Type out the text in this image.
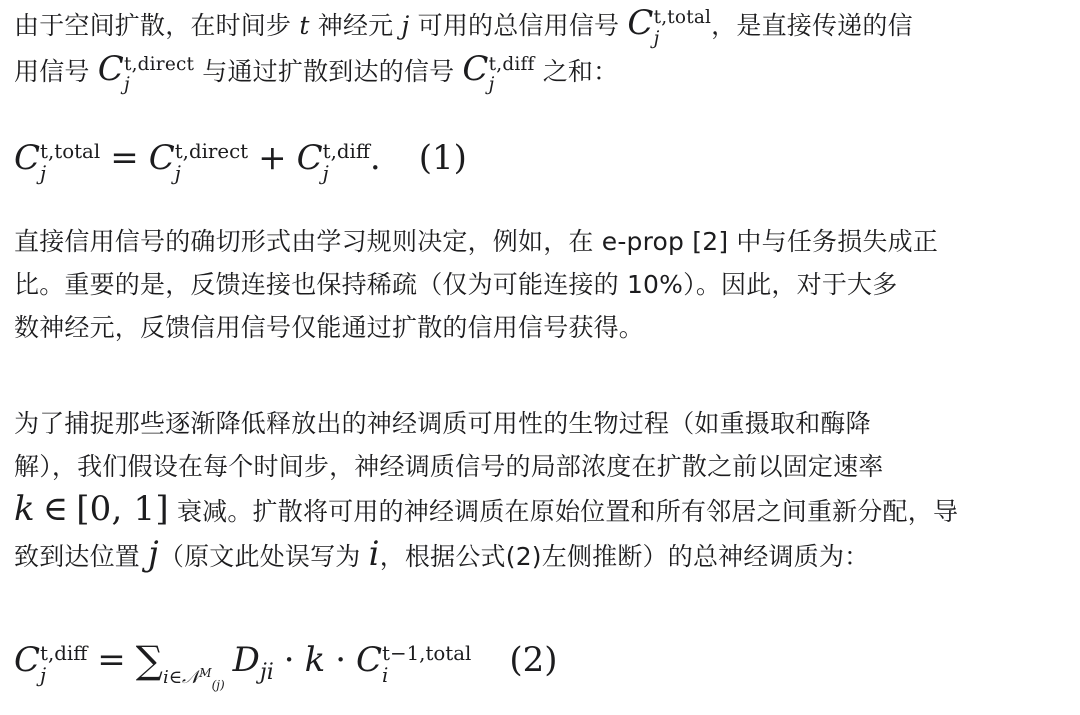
由于空间扩散，在时间步 t 神经元 j 可用的总信用信号 C t,total
j	，是直接传递的信
用信号 C t,direct
j	与通过扩散到达的信号 C t,diff
j	之和：
C t,total
j	= C t,direct
j	+ C t,diff
j	. (1)
直接信用信号的确切形式由学习规则决定，例如，在 e-prop [2] 中与任务损失成正
比。重要的是，反馈连接也保持稀疏（仅为可能连接的 10%）。因此，对于大多
数神经元，反馈信用信号仅能通过扩散的信用信号获得。
为了捕捉那些逐渐降低释放出的神经调质可用性的生物过程（如重摄取和酶降
解），我们假设在每个时间步，神经调质信号的局部浓度在扩散之前以固定速率
k ∈ [0, 1] 衰减。扩散将可用的神经调质在原始位置和所有邻居之间重新分配，导
致到达位置 j（原文此处误写为 i，根据公式(2)左侧推断）的总神经调质为：
C t,diff
j	= $\sum i\in 𝒩^M_{(j)}D_{ji} \cdot k \cdot C$ t−1,total
i	(2)
